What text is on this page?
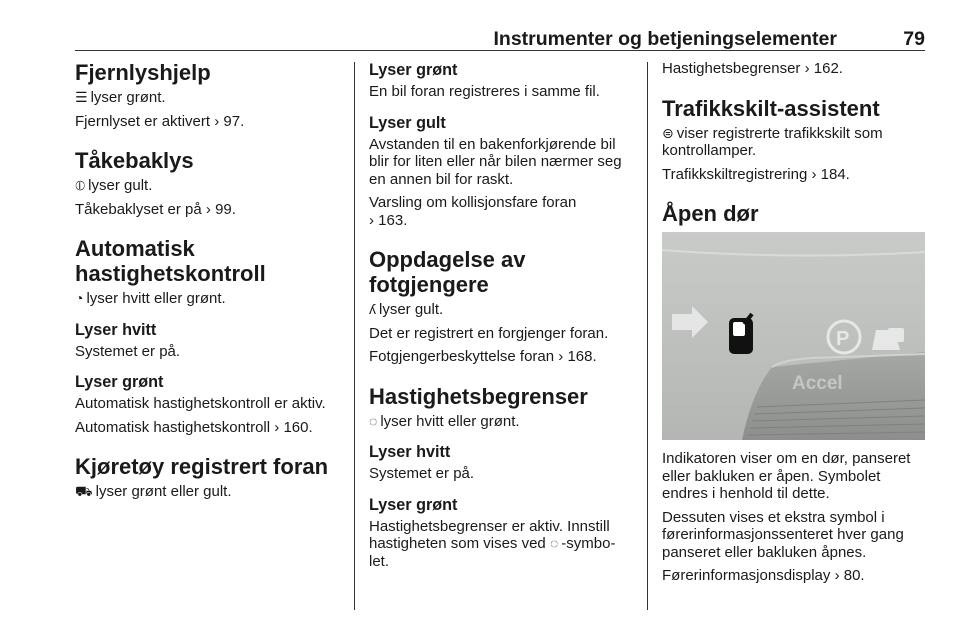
Instrumenter og betjeningselementer	79
Fjernlyshjelp
☰ lyser grønt.
Fjernlyset er aktivert › 97.
Tåkebaklys
⦶ lyser gult.
Tåkebaklyset er på › 99.
Automatisk
hastighetskontroll
◔ lyser hvitt eller grønt.
Lyser hvitt
Systemet er på.
Lyser grønt
Automatisk hastighetskontroll er aktiv.
Automatisk hastighetskontroll › 160.
Kjøretøy registrert foran
⛟ lyser grønt eller gult.
Lyser grønt
En bil foran registreres i samme fil.
Lyser gult
Avstanden til en bakenforkjørende bil blir for liten eller når bilen nærmer seg en annen bil for raskt.
Varsling om kollisjonsfare foran
› 163.
Oppdagelse av fotgjengere
ʎ lyser gult.
Det er registrert en forgjenger foran.
Fotgjengerbeskyttelse foran › 168.
Hastighetsbegrenser
◌ lyser hvitt eller grønt.
Lyser hvitt
Systemet er på.
Lyser grønt
Hastighetsbegrenser er aktiv. Innstill hastigheten som vises ved ◌ -symbo-let.
Hastighetsbegrenser › 162.
Trafikkskilt-assistent
⊜ viser registrerte trafikkskilt som kontrollamper.
Trafikkskiltregistrering › 184.
Åpen dør
Accel
P
Indikatoren viser om en dør, panseret eller bakluken er åpen. Symbolet endres i henhold til dette.
Dessuten vises et ekstra symbol i førerinformasjonssenteret hver gang panseret eller bakluken åpnes.
Førerinformasjonsdisplay › 80.
